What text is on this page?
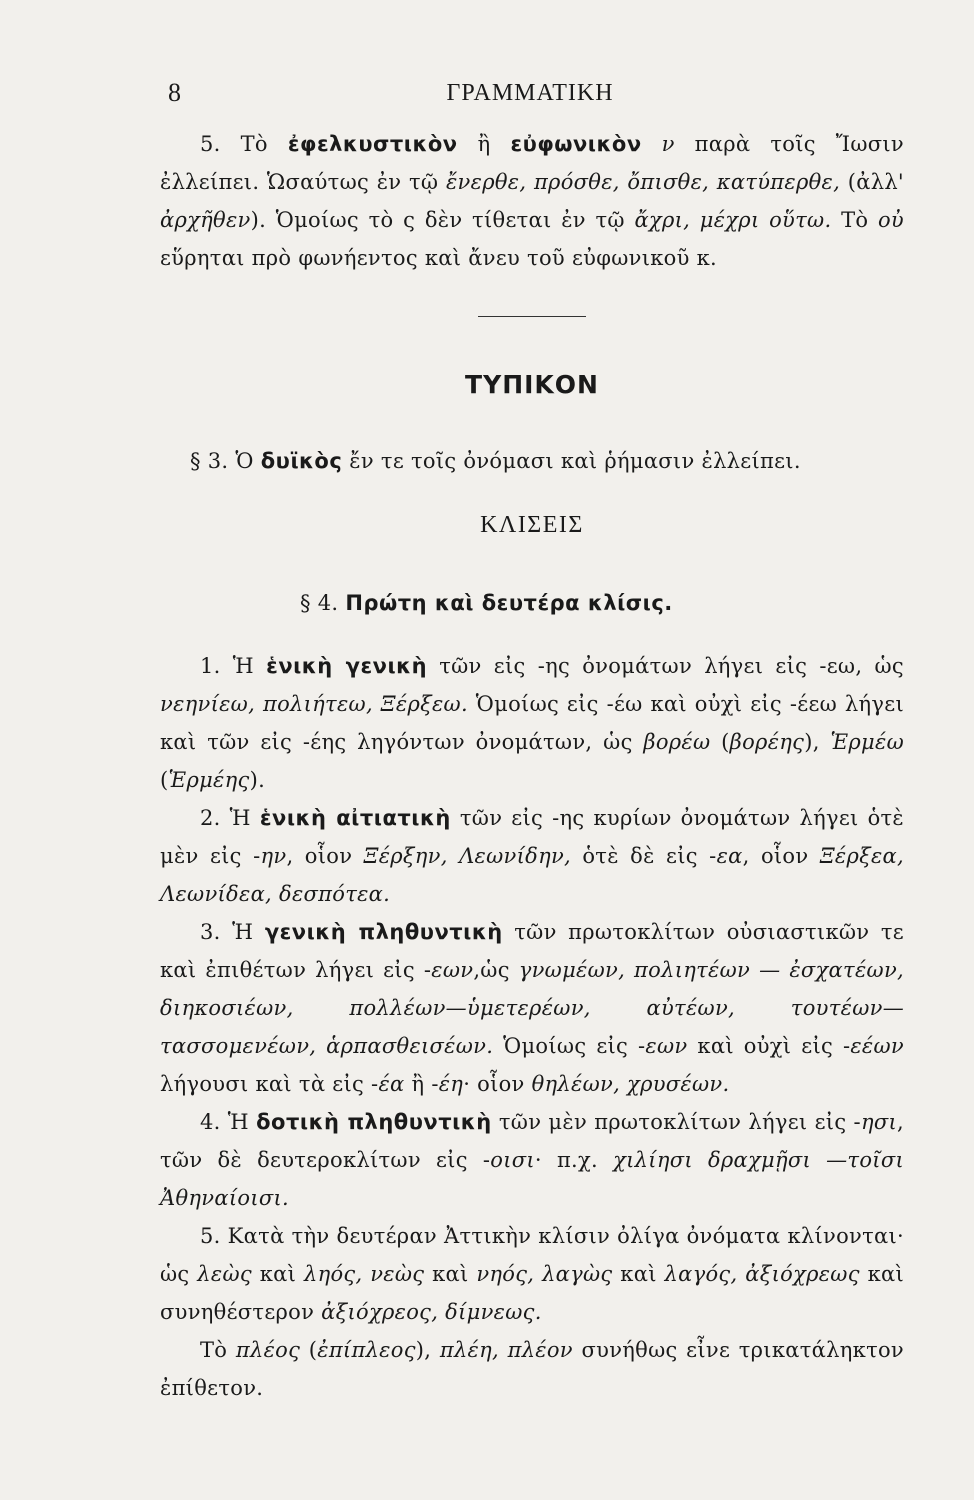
8	ΓΡΑΜΜΑΤΙΚΗ

5. Τὸ ἐφελκυστικὸν ἢ εὐφωνικὸν ν παρὰ τοῖς Ἴωσιν ἐλλείπει. Ὡσαύτως ἐν τῷ ἔνερθε, πρόσθε, ὄπισθε, κατύπερθε, (ἀλλ' ἀρχῆθεν). Ὁμοίως τὸ ς δὲν τίθεται ἐν τῷ ἄχρι, μέχρι οὕτω. Τὸ οὐ εὕρηται πρὸ φωνήεντος καὶ ἄνευ τοῦ εὐφωνικοῦ κ.

ΤΥΠΙΚΟΝ

§ 3. Ὁ δυϊκὸς ἔν τε τοῖς ὀνόμασι καὶ ῥήμασιν ἐλλείπει.

ΚΛΙΣΕΙΣ

§ 4. Πρώτη καὶ δευτέρα κλίσις.

1. Ἡ ἑνικὴ γενικὴ τῶν εἰς -ης ὀνομάτων λήγει εἰς -εω, ὡς νεηνίεω, πολιήτεω, Ξέρξεω. Ὁμοίως εἰς -έω καὶ οὐχὶ εἰς -έεω λήγει καὶ τῶν εἰς -έης ληγόντων ὀνομάτων, ὡς βορέω (βορέης), Ἑρμέω (Ἑρμέης).

2. Ἡ ἑνικὴ αἰτιατικὴ τῶν εἰς -ης κυρίων ὀνομάτων λήγει ὁτὲ μὲν εἰς -ην, οἷον Ξέρξην, Λεωνίδην, ὁτὲ δὲ εἰς -εα, οἷον Ξέρξεα, Λεωνίδεα, δεσπότεα.

3. Ἡ γενικὴ πληθυντικὴ τῶν πρωτοκλίτων οὐσιαστικῶν τε καὶ ἐπιθέτων λήγει εἰς -εων,ὡς γνωμέων, πολιητέων — ἐσχατέων, διηκοσιέων, πολλέων—ὑμετερέων, αὐτέων, τουτέων—τασσομενέων, ἁρπασθεισέων. Ὁμοίως εἰς -εων καὶ οὐχὶ εἰς -εέων λήγουσι καὶ τὰ εἰς -έα ἢ -έη· οἷον θηλέων, χρυσέων.

4. Ἡ δοτικὴ πληθυντικὴ τῶν μὲν πρωτοκλίτων λήγει εἰς -ησι, τῶν δὲ δευτεροκλίτων εἰς -οισι· π.χ. χιλίησι δραχμῇσι —τοῖσι Ἀθηναίοισι.

5. Κατὰ τὴν δευτέραν Ἀττικὴν κλίσιν ὀλίγα ὀνόματα κλίνονται· ὡς λεὼς καὶ ληός, νεὼς καὶ νηός, λαγὼς καὶ λαγός, ἀξιόχρεως καὶ συνηθέστερον ἀξιόχρεος, δίμνεως.

Τὸ πλέος (ἐπίπλεος), πλέη, πλέον συνήθως εἶνε τρικατάληκτον ἐπίθετον.
